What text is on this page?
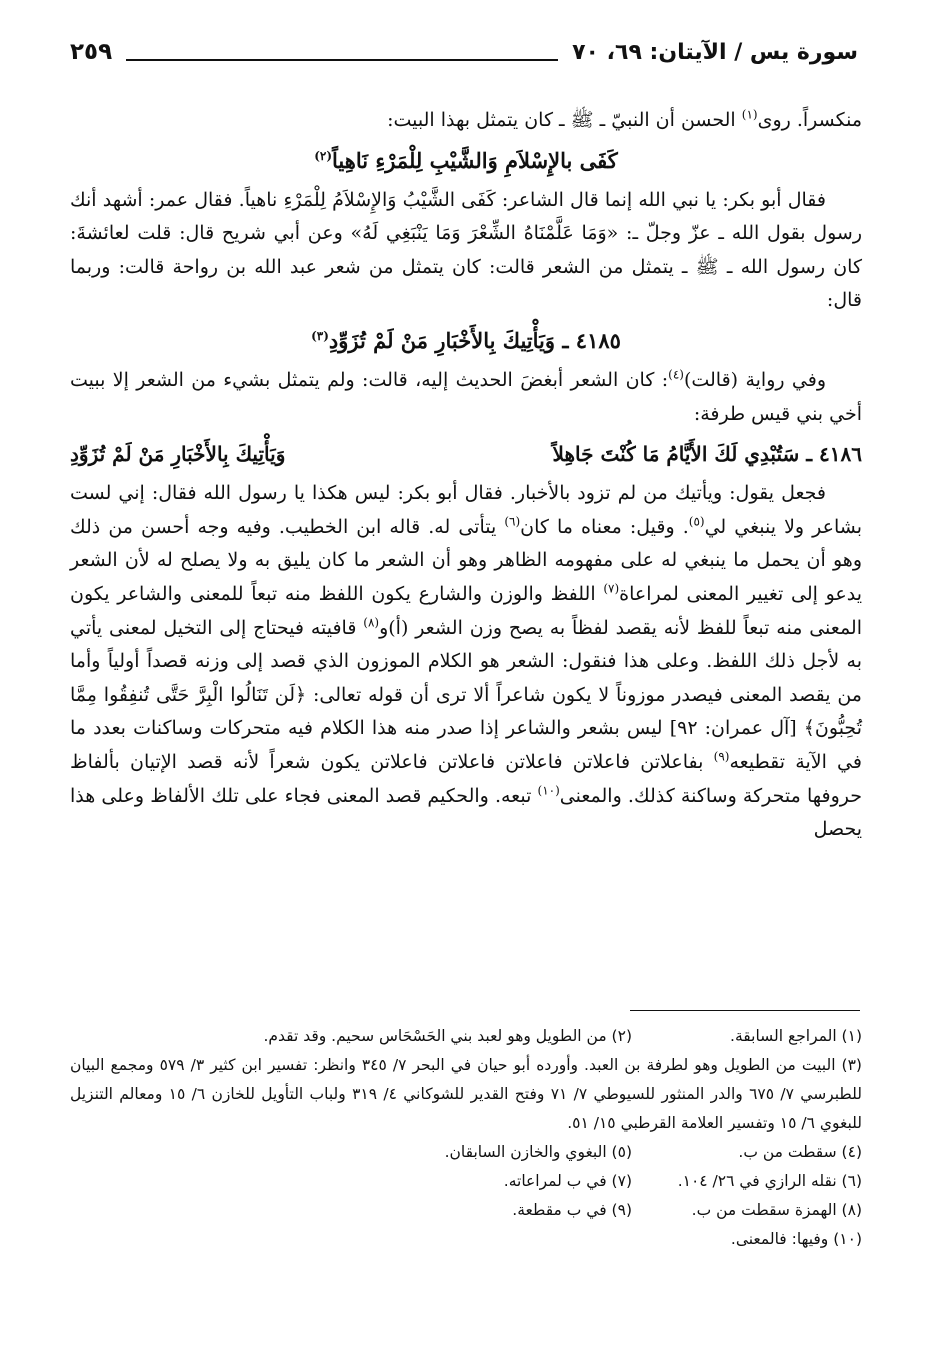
سورة يس / الآيتان: ٦٩، ٧٠
٢٥٩

منكسراً. روى$^{(١)}$ الحسن أن النبيّ ـ ﷺ ـ كان يتمثل بهذا البيت:

كَفَى بالإِسْلاَمِ وَالشَّيْبِ لِلْمَرْءِ نَاهِياً$^{(٢)}$

فقال أبو بكر: يا نبي الله إنما قال الشاعر: كَفَى الشَّيْبُ وَالإِسْلاَمُ لِلْمَرْءِ ناهياً. فقال عمر: أشهد أنك رسول بقول الله ـ عزّ وجلّ ـ: «وَمَا عَلَّمْنَاهُ الشِّعْرَ وَمَا يَنْبَغِي لَهُ» وعن أبي شريح قال: قلت لعائشةَ: كان رسول الله ـ ﷺ ـ يتمثل من الشعر قالت: كان يتمثل من شعر عبد الله بن رواحة قالت: وربما قال:

٤١٨٥ ـ وَيَأْتِيكَ بِالأَخْبَارِ مَنْ لَمْ تُزَوِّدِ$^{(٣)}$

وفي رواية (قالت)$^{(٤)}$: كان الشعر أبغضَ الحديث إليه، قالت: ولم يتمثل بشيء من الشعر إلا ببيت أخي بني قيس طرفة:

٤١٨٦ ـ سَتُبْدِي لَكَ الأَيَّامُ مَا كُنْتَ جَاهِلاً
وَيَأْتِيكَ بِالأَخْبَارِ مَنْ لَمْ تُزَوِّدِ

فجعل يقول: ويأتيك من لم تزود بالأخبار. فقال أبو بكر: ليس هكذا يا رسول الله فقال: إني لست بشاعر ولا ينبغي لي$^{(٥)}$. وقيل: معناه ما كان$^{(٦)}$ يتأتى له. قاله ابن الخطيب. وفيه وجه أحسن من ذلك وهو أن يحمل ما ينبغي له على مفهومه الظاهر وهو أن الشعر ما كان يليق به ولا يصلح له لأن الشعر يدعو إلى تغيير المعنى لمراعاة$^{(٧)}$ اللفظ والوزن والشارع يكون اللفظ منه تبعاً للمعنى والشاعر يكون المعنى منه تبعاً للفظ لأنه يقصد لفظاً به يصح وزن الشعر (أ)و$^{(٨)}$ قافيته فيحتاج إلى التخيل لمعنى يأتي به لأجل ذلك اللفظ. وعلى هذا فنقول: الشعر هو الكلام الموزون الذي قصد إلى وزنه قصداً أولياً وأما من يقصد المعنى فيصدر موزوناً لا يكون شاعراً ألا ترى أن قوله تعالى: ﴿لَن تَنَالُوا الْبِرَّ حَتَّى تُنفِقُوا مِمَّا تُحِبُّونَ﴾ [آل عمران: ٩٢] ليس بشعر والشاعر إذا صدر منه هذا الكلام فيه متحركات وساكنات بعدد ما في الآية تقطيعه$^{(٩)}$ بفاعلاتن فاعلاتن فاعلاتن فاعلاتن فاعلاتن يكون شعراً لأنه قصد الإتيان بألفاظ حروفها متحركة وساكنة كذلك. والمعنى$^{(١٠)}$ تبعه. والحكيم قصد المعنى فجاء على تلك الألفاظ وعلى هذا يحصل

(١) المراجع السابقة.
(٢) من الطويل وهو لعبد بني الحَسْحَاس سحيم. وقد تقدم.

(٣) البيت من الطويل وهو لطرفة بن العبد. وأورده أبو حيان في البحر ٧/ ٣٤٥ وانظر: تفسير ابن كثير ٣/ ٥٧٩ ومجمع البيان للطبرسي ٧/ ٦٧٥ والدر المنثور للسيوطي ٧/ ٧١ وفتح القدير للشوكاني ٤/ ٣١٩ ولباب التأويل للخازن ٦/ ١٥ ومعالم التنزيل للبغوي ٦/ ١٥ وتفسير العلامة القرطبي ١٥/ ٥١.

(٤) سقطت من ب.
(٥) البغوي والخازن السابقان.
(٦) نقله الرازي في ٢٦/ ١٠٤.
(٧) في ب لمراعاته.
(٨) الهمزة سقطت من ب.
(٩) في ب مقطعة.
(١٠) وفيها: فالمعنى.
